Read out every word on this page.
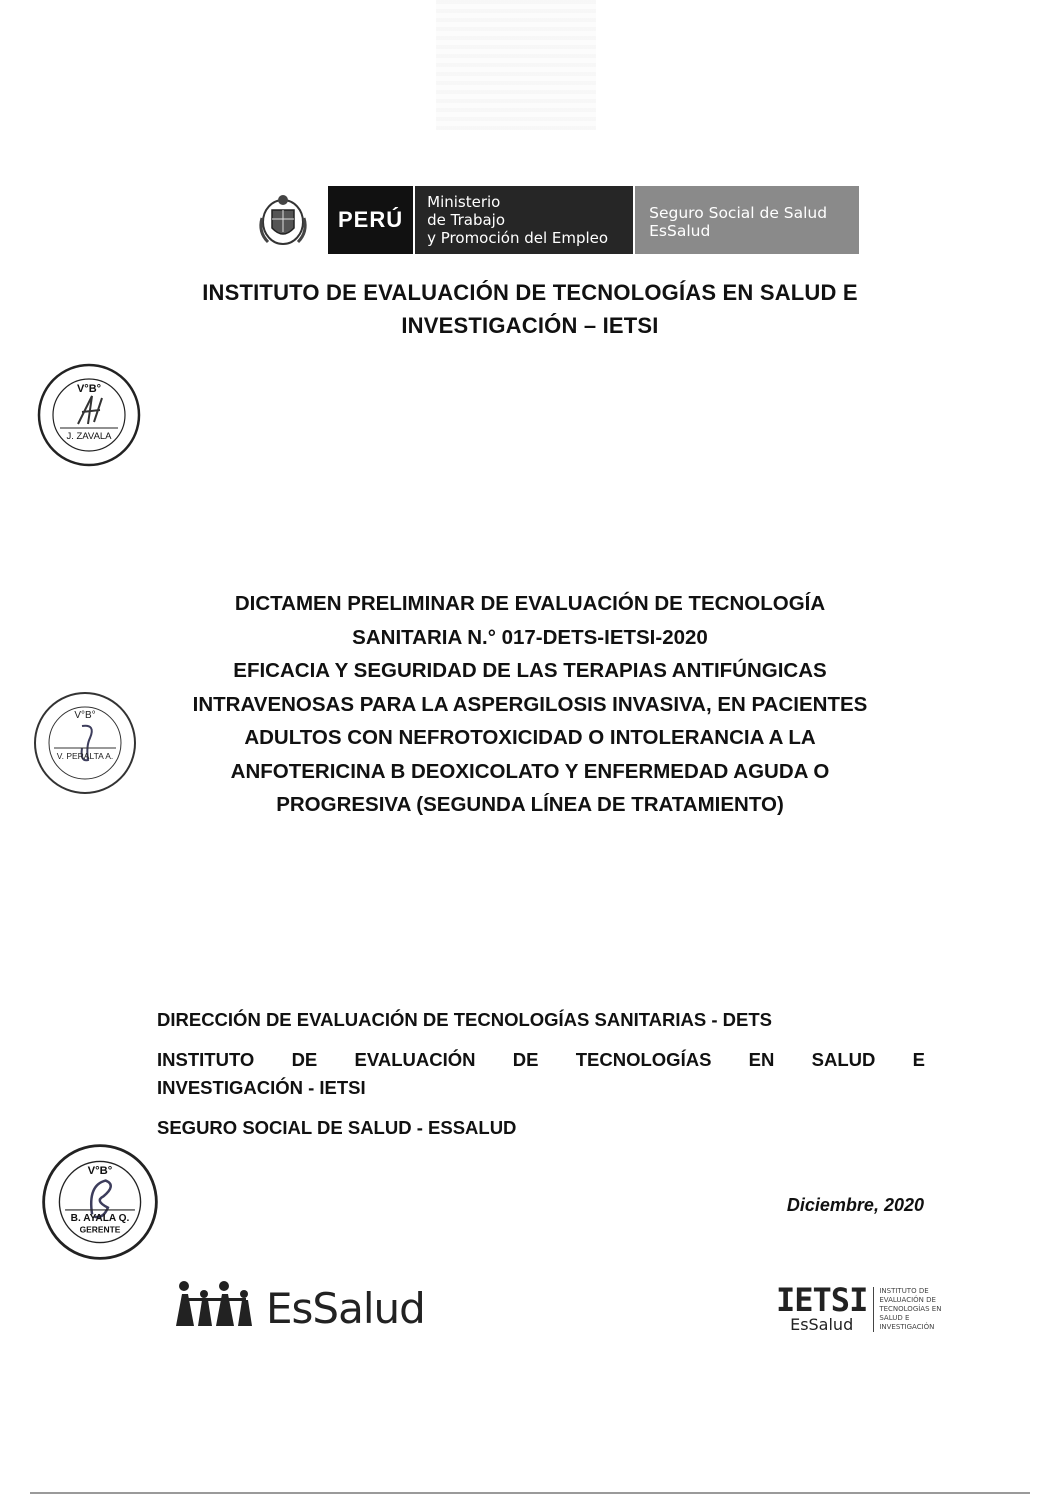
PERÚ
Ministerio
de Trabajo
y Promoción del Empleo
Seguro Social de Salud
EsSalud
INSTITUTO DE EVALUACIÓN DE TECNOLOGÍAS EN SALUD E
INVESTIGACIÓN – IETSI
V°B°
J. ZAVALA
V°B°
V. PERALTA A.
DICTAMEN PRELIMINAR DE EVALUACIÓN DE TECNOLOGÍA
SANITARIA N.° 017-DETS-IETSI-2020
EFICACIA Y SEGURIDAD DE LAS TERAPIAS ANTIFÚNGICAS
INTRAVENOSAS PARA LA ASPERGILOSIS INVASIVA, EN PACIENTES
ADULTOS CON NEFROTOXICIDAD O INTOLERANCIA A LA
ANFOTERICINA B DEOXICOLATO Y ENFERMEDAD AGUDA O
PROGRESIVA (SEGUNDA LÍNEA DE TRATAMIENTO)
DIRECCIÓN DE EVALUACIÓN DE TECNOLOGÍAS SANITARIAS - DETS
INSTITUTO DE EVALUACIÓN DE TECNOLOGÍAS EN SALUD E
INVESTIGACIÓN - IETSI
SEGURO SOCIAL DE SALUD - ESSALUD
V°B°
B. AYALA Q.
GERENTE
Diciembre, 2020
EsSalud	IETSI
EsSalud
INSTITUTO DE
EVALUACIÓN DE
TECNOLOGÍAS EN
SALUD E
INVESTIGACIÓN
